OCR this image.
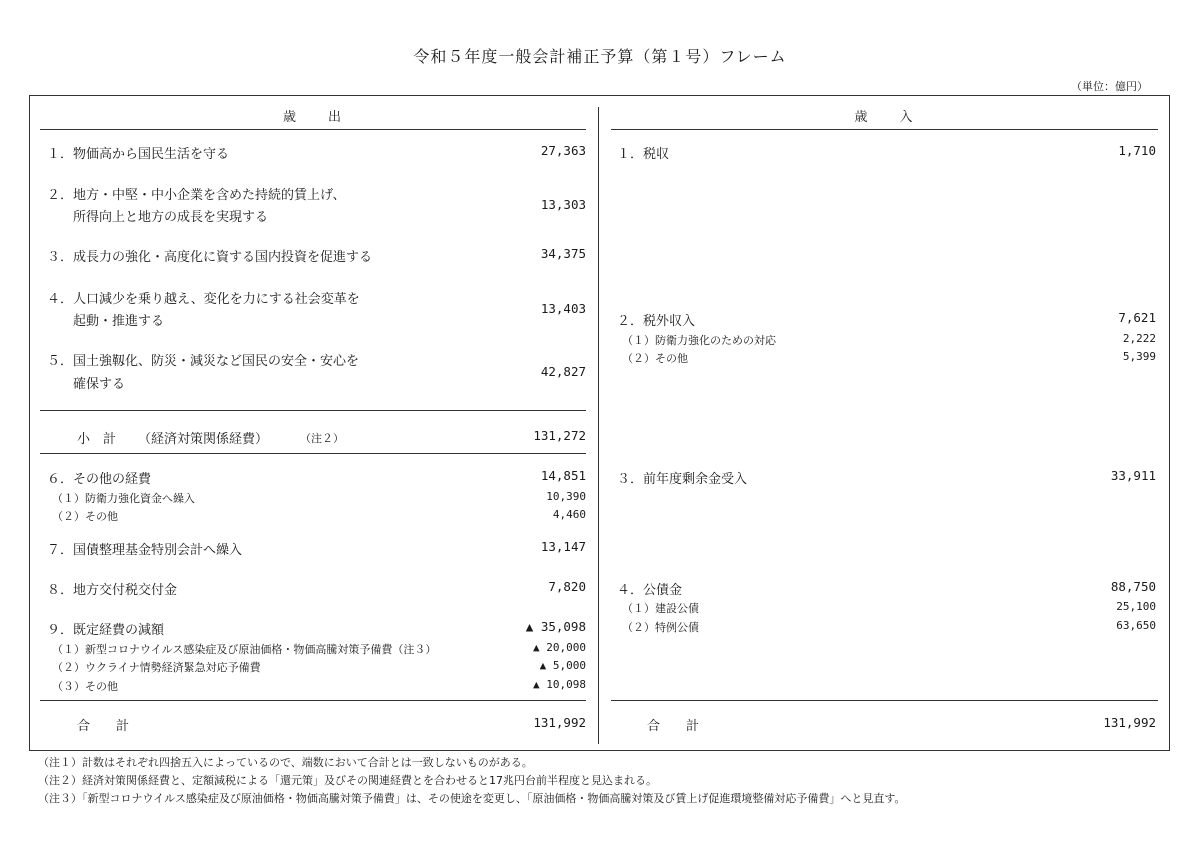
令和５年度一般会計補正予算（第１号）フレーム
（単位：億円）
歳　　出
１．物価高から国民生活を守る	27,363
２．地方・中堅・中小企業を含めた持続的賃上げ、
所得向上と地方の成長を実現する
13,303
３．成長力の強化・高度化に資する国内投資を促進する	34,375
４．人口減少を乗り越え、変化を力にする社会変革を
起動・推進する
13,403
５．国土強靱化、防災・減災など国民の安全・安心を
確保する
42,827
小　計 （経済対策関係経費）	（注２）	131,272
６．その他の経費	14,851
（１）防衛力強化資金へ繰入	10,390
（２）その他	4,460
７．国債整理基金特別会計へ繰入	13,147
８．地方交付税交付金	7,820
９．既定経費の減額	▲ 35,098
（１）新型コロナウイルス感染症及び原油価格・物価高騰対策予備費（注３）	▲ 20,000
（２）ウクライナ情勢経済緊急対応予備費	▲ 5,000
（３）その他	▲ 10,098
合　　計	131,992
歳　　入
１．税収	1,710
２．税外収入	7,621
（１）防衛力強化のための対応	2,222
（２）その他	5,399
３．前年度剰余金受入	33,911
４．公債金	88,750
（１）建設公債	25,100
（２）特例公債	63,650
合　　計	131,992
（注１）計数はそれぞれ四捨五入によっているので、端数において合計とは一致しないものがある。
（注２）経済対策関係経費と、定額減税による「還元策」及びその関連経費とを合わせると17兆円台前半程度と見込まれる。
（注３）「新型コロナウイルス感染症及び原油価格・物価高騰対策予備費」は、その使途を変更し、「原油価格・物価高騰対策及び賃上げ促進環境整備対応予備費」へと見直す。
